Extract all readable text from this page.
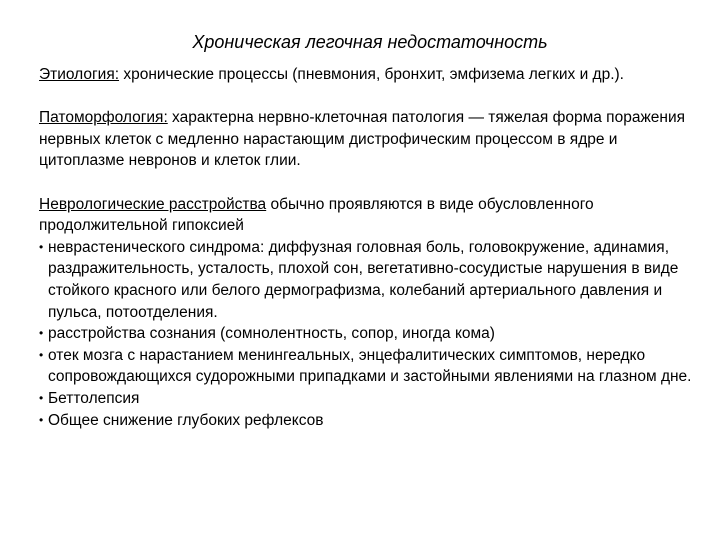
Хроническая легочная недостаточность

Этиология: хронические процессы (пневмония, бронхит, эмфизема легких и др.).

Патоморфология: характерна нервно-клеточная патология — тяжелая форма поражения нервных клеток с медленно нарастающим дистрофическим процессом в ядре и цитоплазме невронов и клеток глии.

Неврологические расстройства обычно проявляются в виде обусловленного продолжительной гипоксией

• неврастенического синдрома: диффузная головная боль, головокружение, адинамия, раздражительность, усталость, плохой сон, вегетативно-сосудистые нарушения в виде стойкого красного или белого дермографизма, колебаний артериального давления и пульса, потоотделения.
• расстройства сознания (сомнолентность, сопор, иногда кома)
• отек мозга с нарастанием менингеальных, энцефалитических симптомов, нередко сопровождающихся судорожными припадками и застойными явлениями на глазном дне.
• Беттолепсия
• Общее снижение глубоких рефлексов
